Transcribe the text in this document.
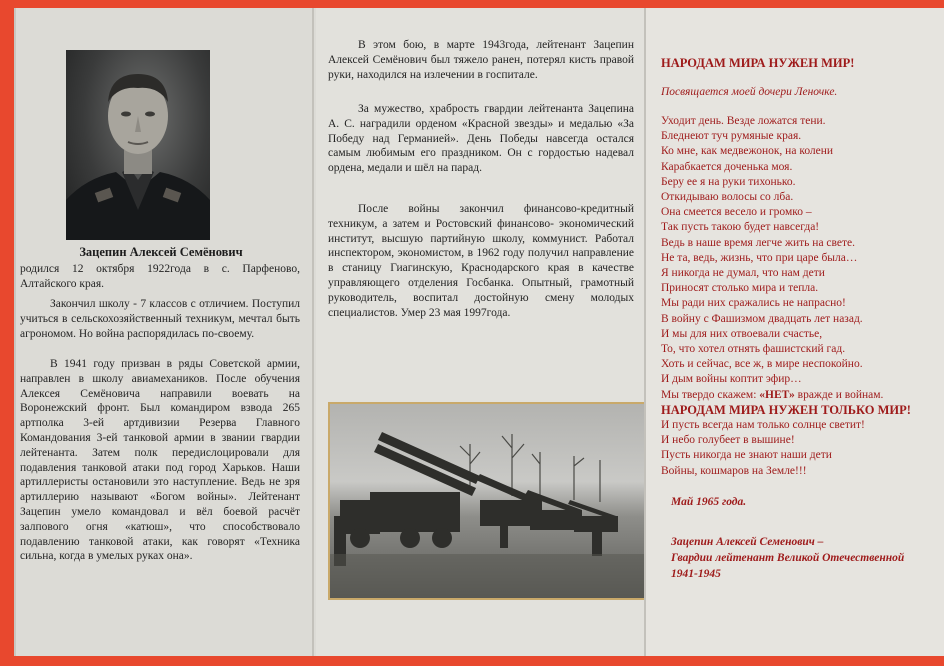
Зацепин Алексей Семёнович

родился 12 октября 1922года в с. Парфеново, Алтайского края.

Закончил школу - 7 классов с отличием. Поступил учиться в сельскохозяйственный техникум, мечтал быть агрономом. Но война распорядилась по-своему.

В 1941 году призван в ряды Советской армии, направлен в школу авиамехаников. После обучения Алексея Семёновича направили воевать на Воронежский фронт. Был командиром взвода 265 артполка 3-ей артдивизии Резерва Главного Командования 3-ей танковой армии в звании гвардии лейтенанта. Затем полк передислоцировали для подавления танковой атаки под город Харьков. Наши артиллеристы остановили это наступление. Ведь не зря артиллерию называют «Богом войны». Лейтенант Зацепин умело командовал и вёл боевой расчёт залпового огня «катюш», что способствовало подавлению танковой атаки, как говорят «Техника сильна, когда в умелых руках она».

В этом бою, в марте 1943года, лейтенант Зацепин Алексей Семёнович был тяжело ранен, потерял кисть правой руки, находился на излечении в госпитале.

За мужество, храбрость гвардии лейтенанта Зацепина А. С. наградили орденом «Красной звезды» и медалью «За Победу над Германией». День Победы навсегда остался самым любимым его праздником. Он с гордостью надевал ордена, медали и шёл на парад.

После войны закончил финансово-кредитный техникум, а затем и Ростовский финансово- экономический институт, высшую партийную школу, коммунист. Работал инспектором, экономистом, в 1962 году получил направление в станицу Гиагинскую, Краснодарского края в качестве управляющего отделения Госбанка. Опытный, грамотный руководитель, воспитал достойную смену молодых специалистов. Умер 23 мая 1997года.

НАРОДАМ МИРА НУЖЕН МИР!
Посвящается моей дочери Леночке.
Уходит день. Везде ложатся тени.
Бледнеют туч румяные края.
Ко мне, как медвежонок, на колени
Карабкается доченька моя.
Беру ее я на руки тихонько.
Откидываю волосы со лба.
Она смеется весело и громко –
Так пусть такою будет навсегда!
Ведь в наше время легче жить на свете.
Не та, ведь, жизнь, что при царе была…
Я никогда не думал, что нам дети
Приносят столько мира и тепла.
Мы ради них сражались не напрасно!
В войну с Фашизмом двадцать лет назад.
И мы для них отвоевали счастье,
То, что хотел отнять фашистский гад.
Хоть и сейчас, все ж, в мире неспокойно.
И дым войны коптит эфир…
Мы твердо скажем: «НЕТ» вражде и войнам.
НАРОДАМ МИРА НУЖЕН ТОЛЬКО МИР!
И пусть всегда нам только солнце светит!
И небо голубеет в вышине!
Пусть никогда не знают наши дети
Войны, кошмаров на Земле!!!
Май 1965 года.
Зацепин Алексей Семенович –
Гвардии лейтенант Великой Отечественной
1941-1945
